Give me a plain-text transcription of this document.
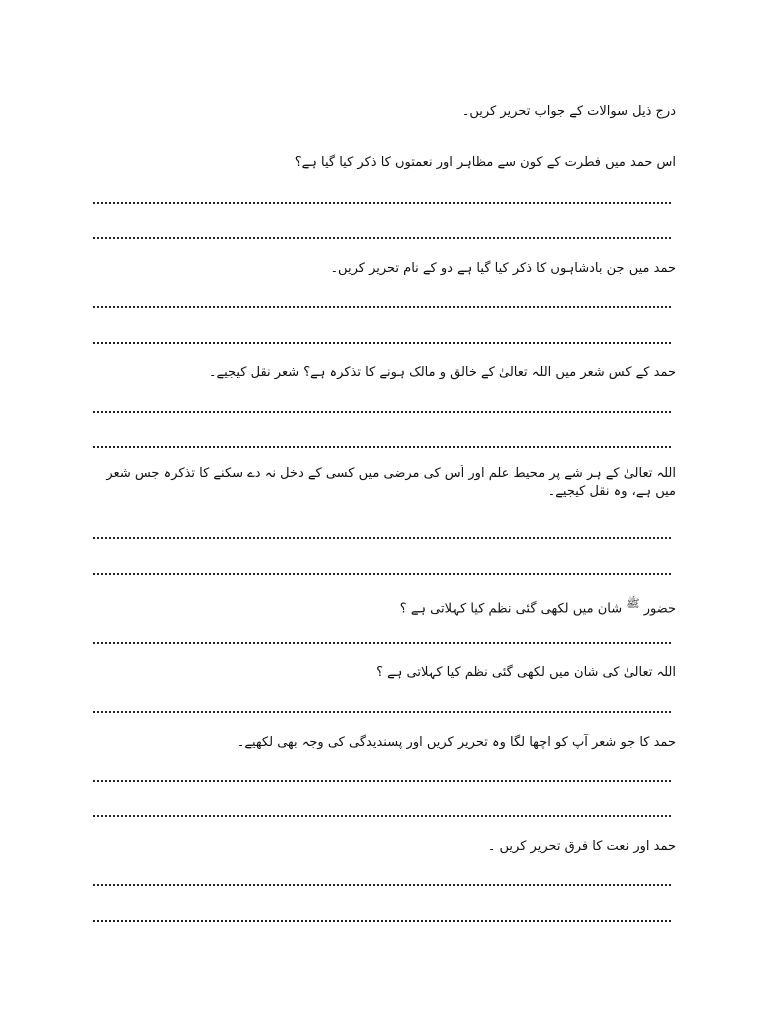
درج ذیل سوالات کے جواب تحریر کریں۔
اس حمد میں فطرت کے کون سے مظاہر اور نعمتوں کا ذکر کیا گیا ہے؟
حمد میں جن بادشاہوں کا ذکر کیا گیا ہے دو کے نام تحریر کریں۔
حمد کے کس شعر میں اللہ تعالیٰ کے خالق و مالک ہونے کا تذکرہ ہے؟ شعر نقل کیجیے۔
اللہ تعالیٰ کے ہر شے پر محیط علم اور اُس کی مرضی میں کسی کے دخل نہ دے سکنے کا تذکرہ جس شعر میں ہے، وہ نقل کیجیے۔
حضور $^ﷺ$ شان میں لکھی گئی نظم کیا کہلاتی ہے ؟
اللہ تعالیٰ کی شان میں لکھی گئی نظم کیا کہلاتی ہے ؟
حمد کا جو شعر آپ کو اچھا لگا وہ تحریر کریں اور پسندیدگی کی وجہ بھی لکھیے۔
حمد اور نعت کا فرق تحریر کریں ۔
